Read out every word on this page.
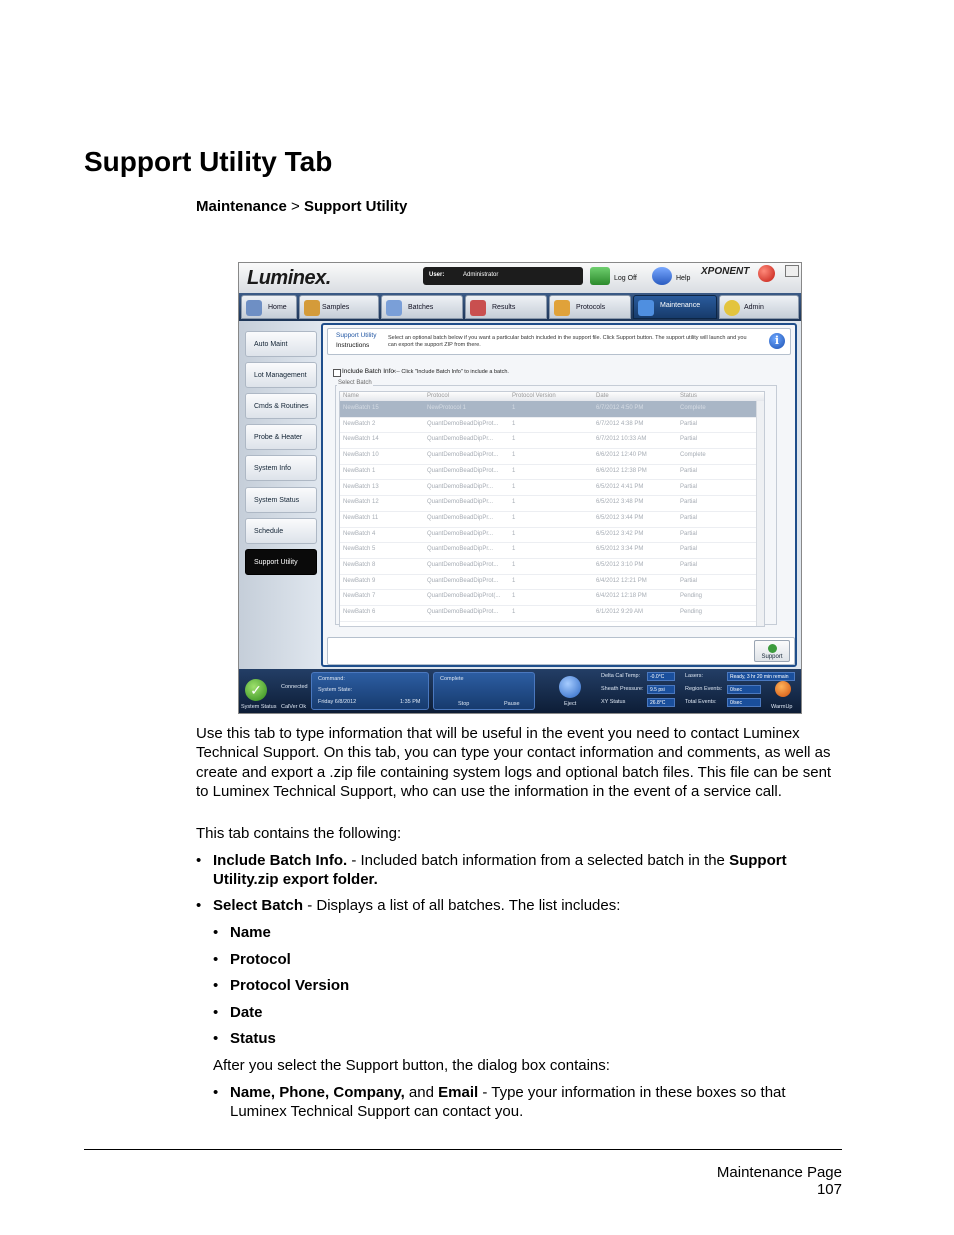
Support Utility Tab
Maintenance > Support Utility
Luminex.	User:	Administrator	Log Off	Help
XPONENT
Home	Samples	Batches	Results	Protocols	Maintenance	Admin
Auto Maint
Lot Management
Cmds & Routines
Probe & Heater
System Info
System Status
Schedule
Support Utility
Support Utility
Instructions
Select an optional batch below if you want a particular batch included in the support file. Click Support button. The support utility will launch and you can export the support ZIP from there.	i
Include Batch Info
<-- Click "Include Batch Info" to include a batch.
Select Batch
Name	Protocol	Protocol Version	Date	Status
NewBatch 15	NewProtocol 1	1	6/7/2012 4:50 PM	Complete
NewBatch 2	QuantDemoBeadDipProt... 1	6/7/2012 4:38 PM	Partial
NewBatch 14	QuantDemoBeadDipPr...	1	6/7/2012 10:33 AM	Partial
NewBatch 10	QuantDemoBeadDipProt... 1	6/6/2012 12:40 PM	Complete
NewBatch 1	QuantDemoBeadDipProt... 1	6/6/2012 12:38 PM	Partial
NewBatch 13	QuantDemoBeadDipPr...	1	6/5/2012 4:41 PM	Partial
NewBatch 12	QuantDemoBeadDipPr...	1	6/5/2012 3:48 PM	Partial
NewBatch 11	QuantDemoBeadDipPr...	1	6/5/2012 3:44 PM	Partial
NewBatch 4	QuantDemoBeadDipPr...	1	6/5/2012 3:42 PM	Partial
NewBatch 5	QuantDemoBeadDipPr...	1	6/5/2012 3:34 PM	Partial
NewBatch 8	QuantDemoBeadDipProt... 1	6/5/2012 3:10 PM	Partial
NewBatch 9	QuantDemoBeadDipProt... 1	6/4/2012 12:21 PM	Partial
NewBatch 7	QuantDemoBeadDipProt(... 1	6/4/2012 12:18 PM	Pending
NewBatch 6	QuantDemoBeadDipProt... 1	6/1/2012 9:29 AM	Pending
Support
✓
System Status
Connected
CalVer Ok
Command:
System State:
Friday 6/8/2012	1:35 PM
Complete
Stop	Pause	Eject
Delta Cal Temp:	-0.0°C
Sheath Pressure:	9.5 psi
XY Status	26.8°C
Lasers:	Ready, 3 hr 20 min remain
Region Events:	0/sec
Total Events:	0/sec
WarmUp
Use this tab to type information that will be useful in the event you need to contact Luminex Technical Support. On this tab, you can type your contact information and comments, as well as create and export a .zip file containing system logs and optional batch files. This file can be sent to Luminex Technical Support, who can use the information in the event of a service call.
This tab contains the following:
• Include Batch Info. - Included batch information from a selected batch in the Support Utility.zip export folder.
• Select Batch - Displays a list of all batches. The list includes:
• Name
• Protocol
• Protocol Version
• Date
• Status
After you select the Support button, the dialog box contains:
• Name, Phone, Company, and Email - Type your information in these boxes so that Luminex Technical Support can contact you.
Maintenance Page
107
